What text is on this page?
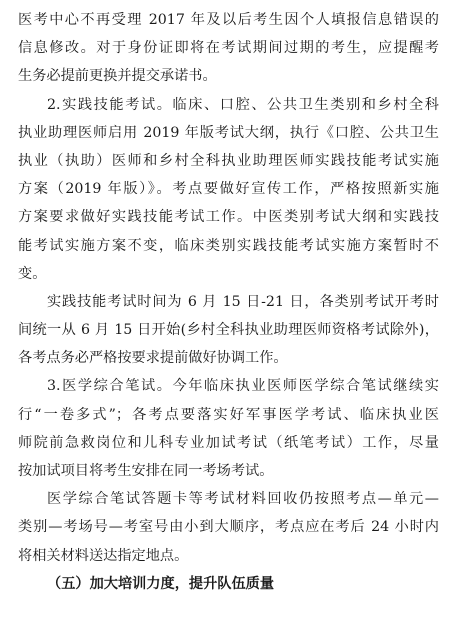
医考中心不再受理 2017 年及以后考生因个人填报信息错误的
信息修改。对于身份证即将在考试期间过期的考生，应提醒考
生务必提前更换并提交承诺书。
2.实践技能考试。临床、口腔、公共卫生类别和乡村全科
执业助理医师启用 2019 年版考试大纲，执行《口腔、公共卫生
执业（执助）医师和乡村全科执业助理医师实践技能考试实施
方案（2019 年版）》。考点要做好宣传工作，严格按照新实施
方案要求做好实践技能考试工作。中医类别考试大纲和实践技
能考试实施方案不变，临床类别实践技能考试实施方案暂时不
变。
实践技能考试时间为 6 月 15 日-21 日，各类别考试开考时
间统一从 6 月 15 日开始(乡村全科执业助理医师资格考试除外)，
各考点务必严格按要求提前做好协调工作。
3.医学综合笔试。今年临床执业医师医学综合笔试继续实
行“一卷多式”；各考点要落实好军事医学考试、临床执业医
师院前急救岗位和儿科专业加试考试（纸笔考试）工作，尽量
按加试项目将考生安排在同一考场考试。
医学综合笔试答题卡等考试材料回收仍按照考点—单元—
类别—考场号—考室号由小到大顺序，考点应在考后 24 小时内
将相关材料送达指定地点。
（五）加大培训力度，提升队伍质量
